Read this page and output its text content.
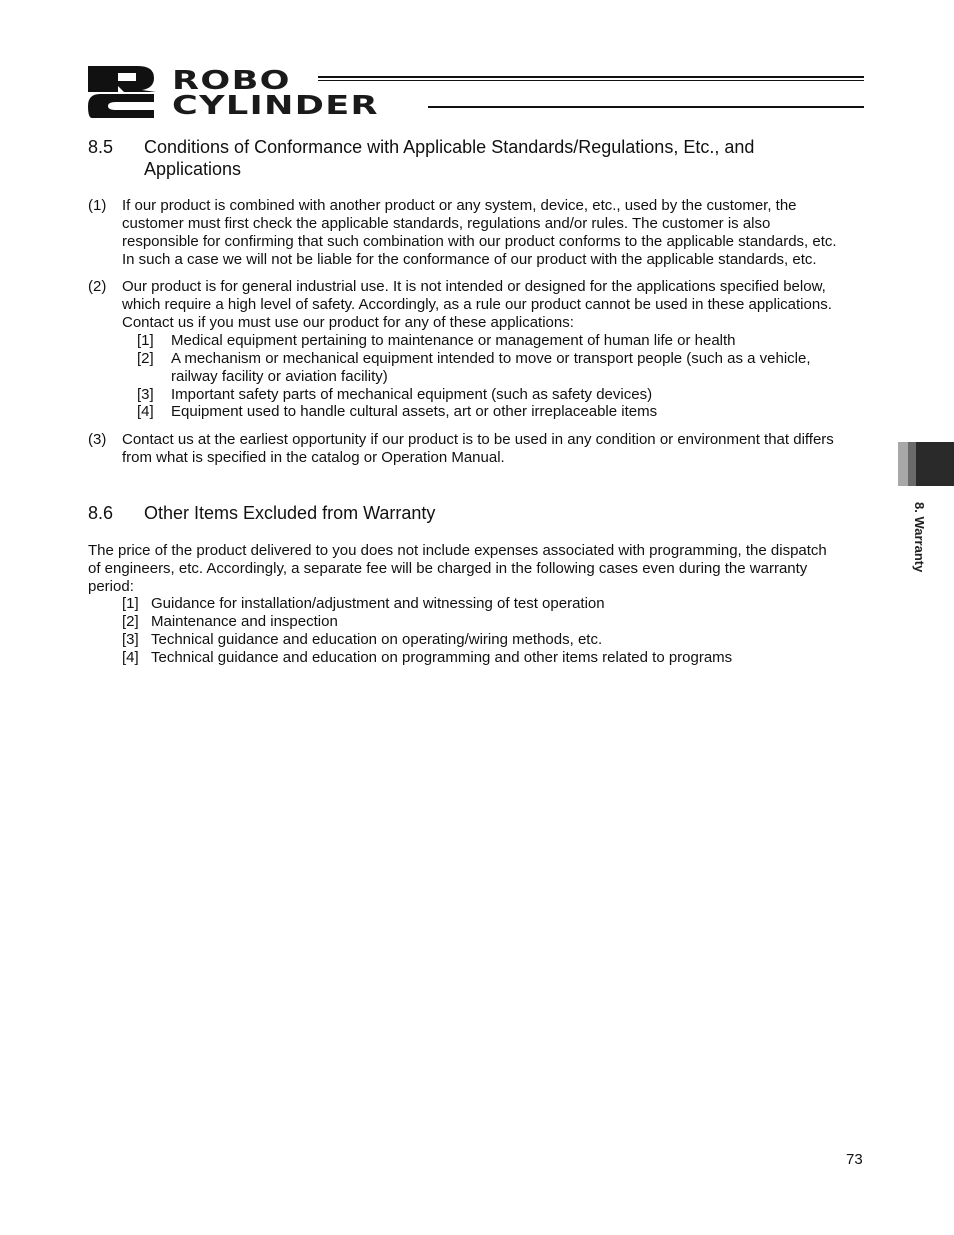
ROBO
CYLINDER
8. Warranty
8.5 Conditions of Conformance with Applicable Standards/Regulations, Etc., and
Applications
(1) If our product is combined with another product or any system, device, etc., used by the customer, the
customer must first check the applicable standards, regulations and/or rules. The customer is also
responsible for confirming that such combination with our product conforms to the applicable standards, etc.
In such a case we will not be liable for the conformance of our product with the applicable standards, etc.
(2) Our product is for general industrial use. It is not intended or designed for the applications specified below,
which require a high level of safety. Accordingly, as a rule our product cannot be used in these applications.
Contact us if you must use our product for any of these applications:
[1] Medical equipment pertaining to maintenance or management of human life or health
[2] A mechanism or mechanical equipment intended to move or transport people (such as a vehicle,
railway facility or aviation facility)
[3] Important safety parts of mechanical equipment (such as safety devices)
[4] Equipment used to handle cultural assets, art or other irreplaceable items
(3) Contact us at the earliest opportunity if our product is to be used in any condition or environment that differs
from what is specified in the catalog or Operation Manual.
8.6 Other Items Excluded from Warranty
The price of the product delivered to you does not include expenses associated with programming, the dispatch
of engineers, etc. Accordingly, a separate fee will be charged in the following cases even during the warranty
period:
[1] Guidance for installation/adjustment and witnessing of test operation
[2] Maintenance and inspection
[3] Technical guidance and education on operating/wiring methods, etc.
[4] Technical guidance and education on programming and other items related to programs
73
